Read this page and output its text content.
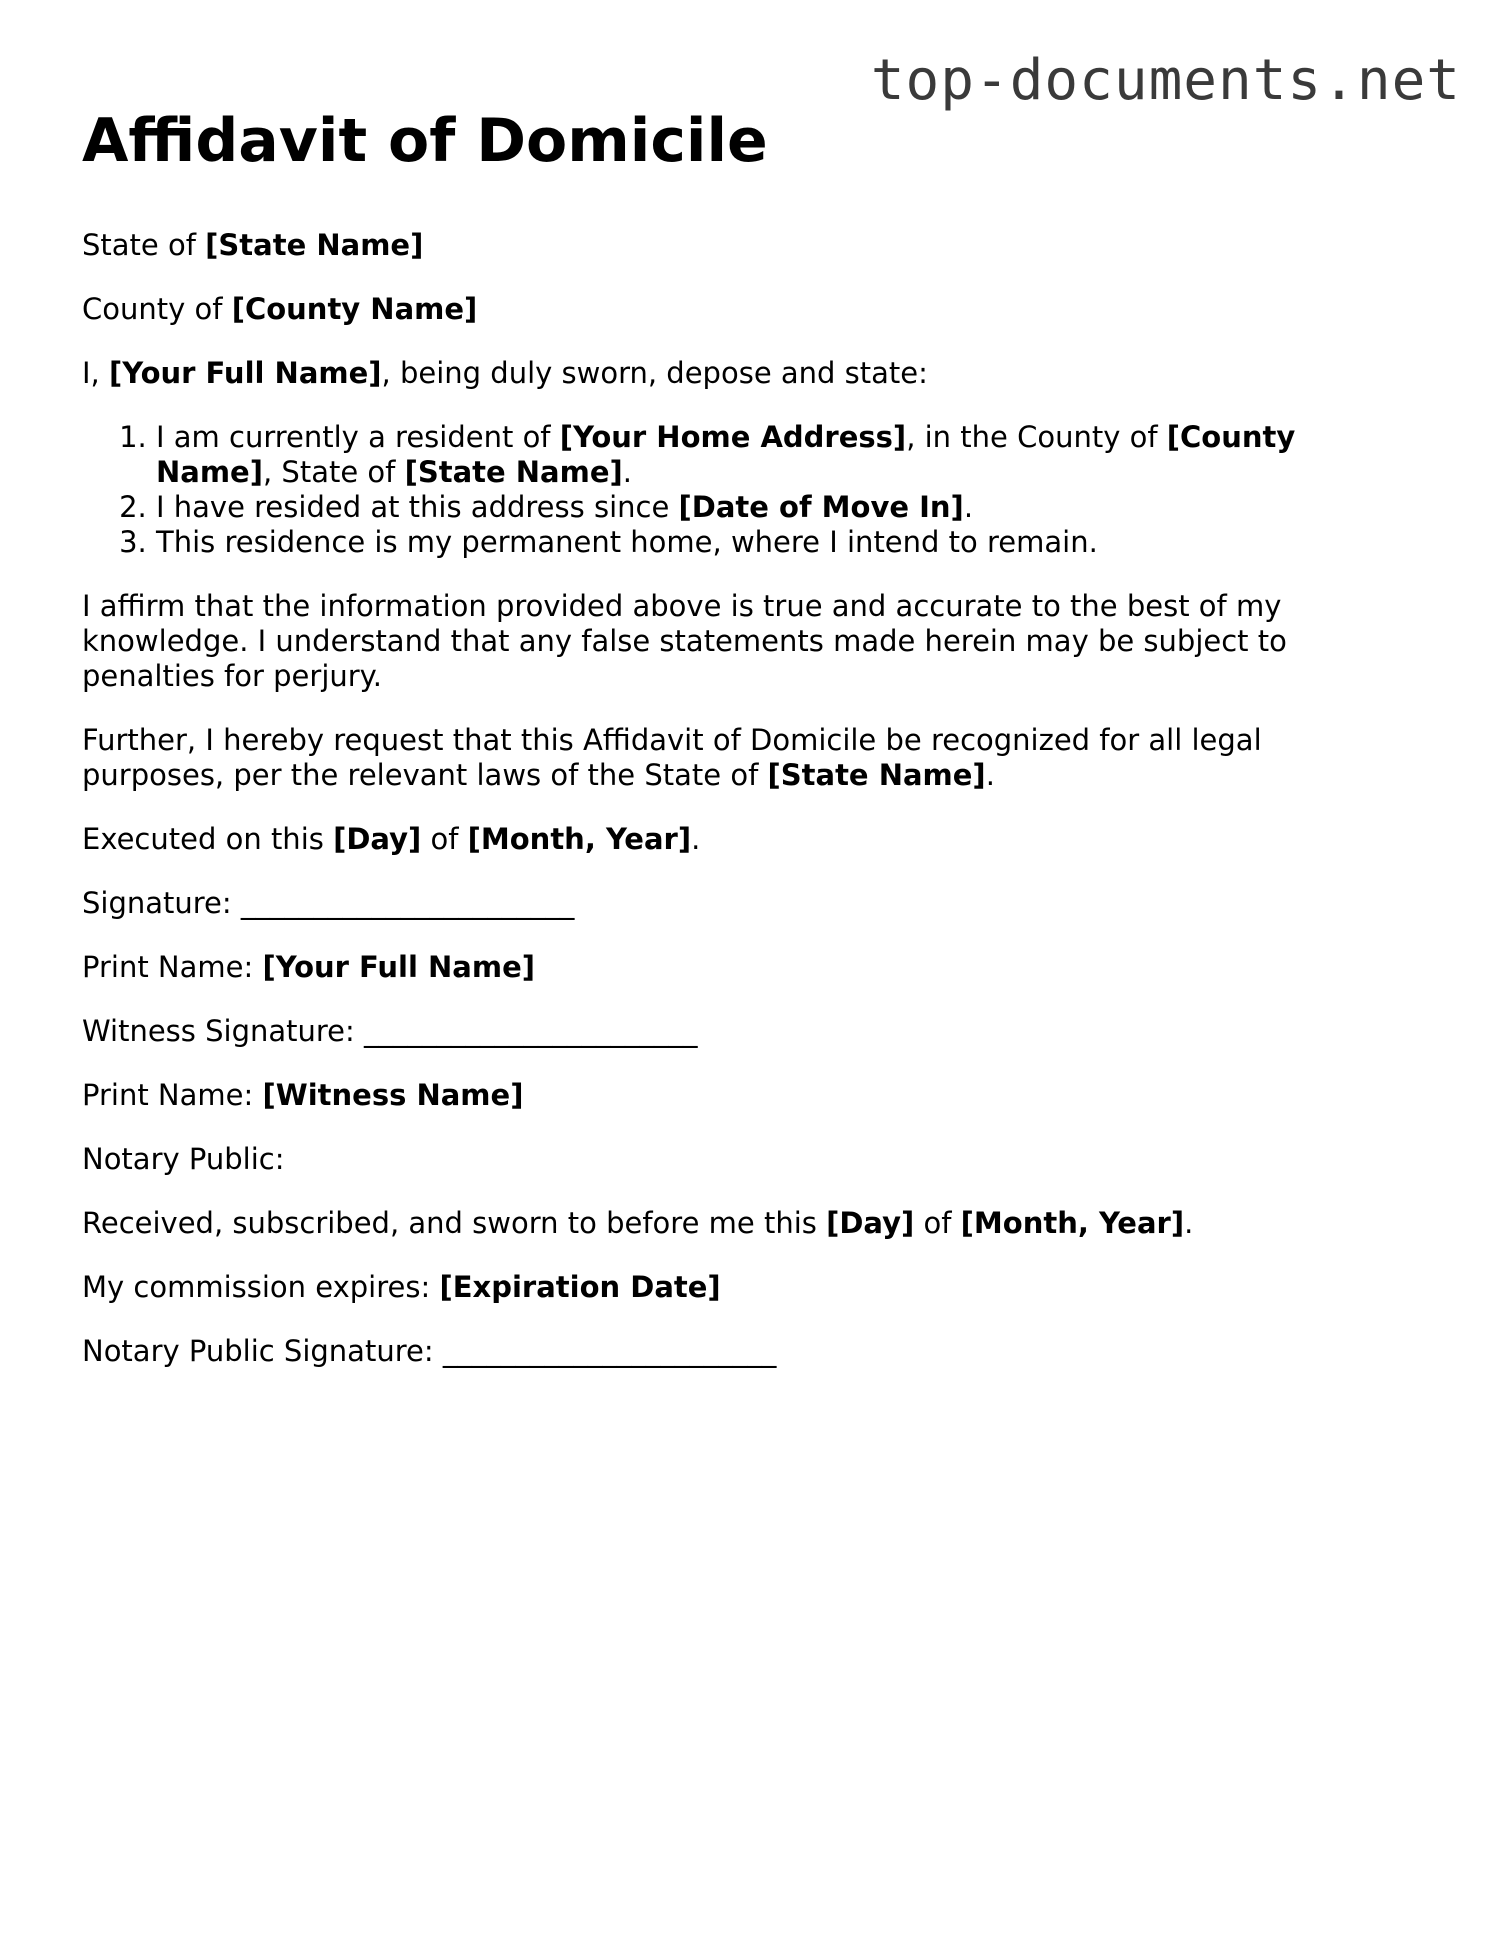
top-documents.net
Affidavit of Domicile

State of [State Name]

County of [County Name]

I, [Your Full Name], being duly sworn, depose and state:

1. I am currently a resident of [Your Home Address], in the County of [County Name], State of [State Name].
2. I have resided at this address since [Date of Move In].
3. This residence is my permanent home, where I intend to remain.

I affirm that the information provided above is true and accurate to the best of my knowledge. I understand that any false statements made herein may be subject to penalties for perjury.

Further, I hereby request that this Affidavit of Domicile be recognized for all legal purposes, per the relevant laws of the State of [State Name].

Executed on this [Day] of [Month, Year].

Signature: _______________________

Print Name: [Your Full Name]

Witness Signature: _______________________

Print Name: [Witness Name]

Notary Public:

Received, subscribed, and sworn to before me this [Day] of [Month, Year].

My commission expires: [Expiration Date]

Notary Public Signature: _______________________
